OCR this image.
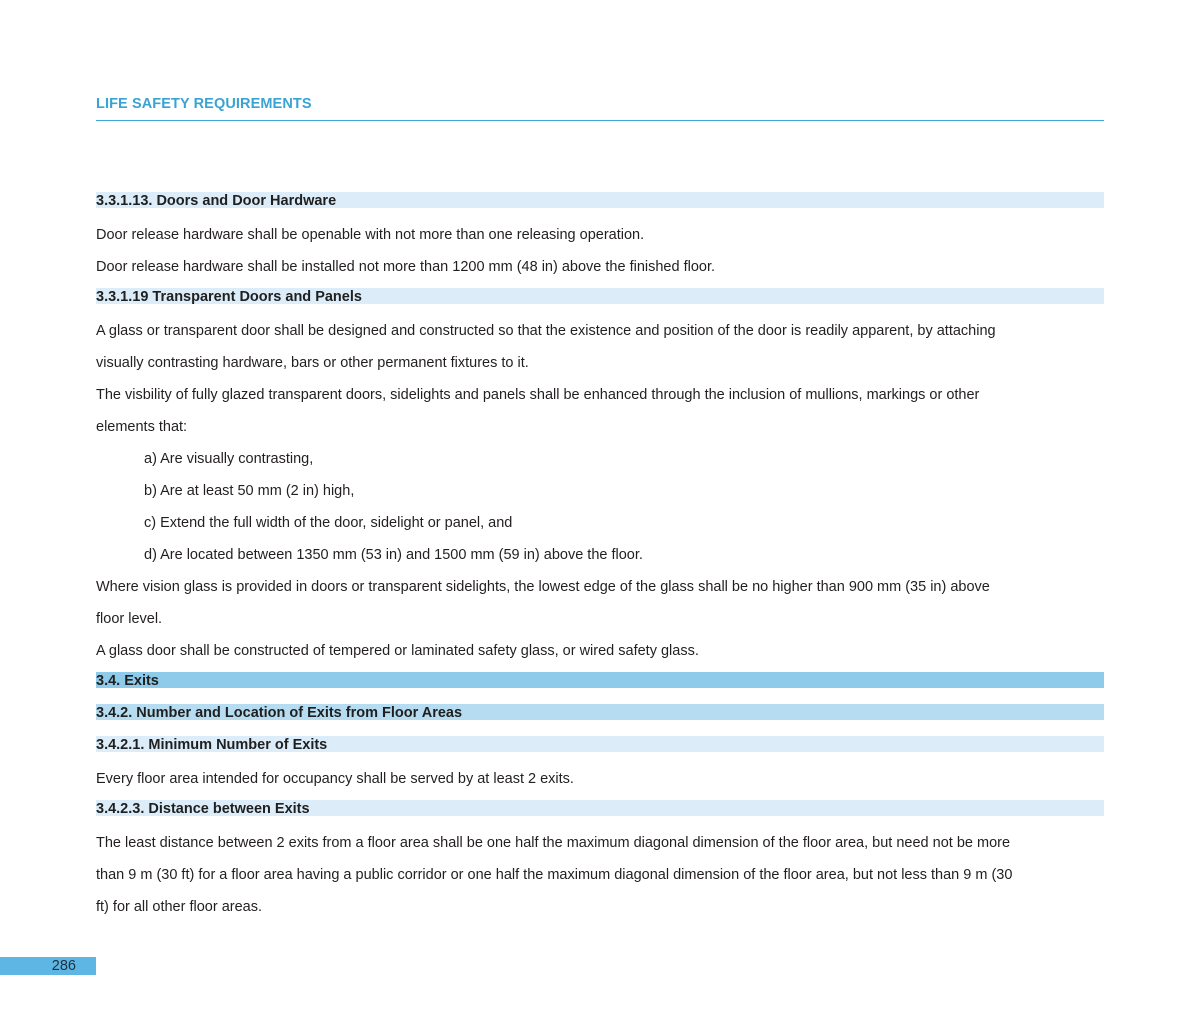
LIFE SAFETY REQUIREMENTS
3.3.1.13. Doors and Door Hardware
Door release hardware shall be openable with not more than one releasing operation.
Door release hardware shall be installed not more than 1200 mm (48 in) above the finished floor.
3.3.1.19 Transparent Doors and Panels
A glass or transparent door shall be designed and constructed so that the existence and position of the door is readily apparent, by attaching
visually contrasting hardware, bars or other permanent fixtures to it.
The visbility of fully glazed transparent doors, sidelights and panels shall be enhanced through the inclusion of mullions, markings or other
elements that:
a) Are visually contrasting,
b) Are at least 50 mm (2 in) high,
c) Extend the full width of the door, sidelight or panel, and
d) Are located between 1350 mm (53 in) and 1500 mm (59 in) above the floor.
Where vision glass is provided in doors or transparent sidelights, the lowest edge of the glass shall be no higher than 900 mm (35 in) above
floor level.
A glass door shall be constructed of tempered or laminated safety glass, or wired safety glass.
3.4. Exits
3.4.2. Number and Location of Exits from Floor Areas
3.4.2.1. Minimum Number of Exits
Every floor area intended for occupancy shall be served by at least 2 exits.
3.4.2.3. Distance between Exits
The least distance between 2 exits from a floor area shall be one half the maximum diagonal dimension of the floor area, but need not be more
than 9 m (30 ft) for a floor area having a public corridor or one half the maximum diagonal dimension of the floor area, but not less than 9 m (30
ft) for all other floor areas.
286
